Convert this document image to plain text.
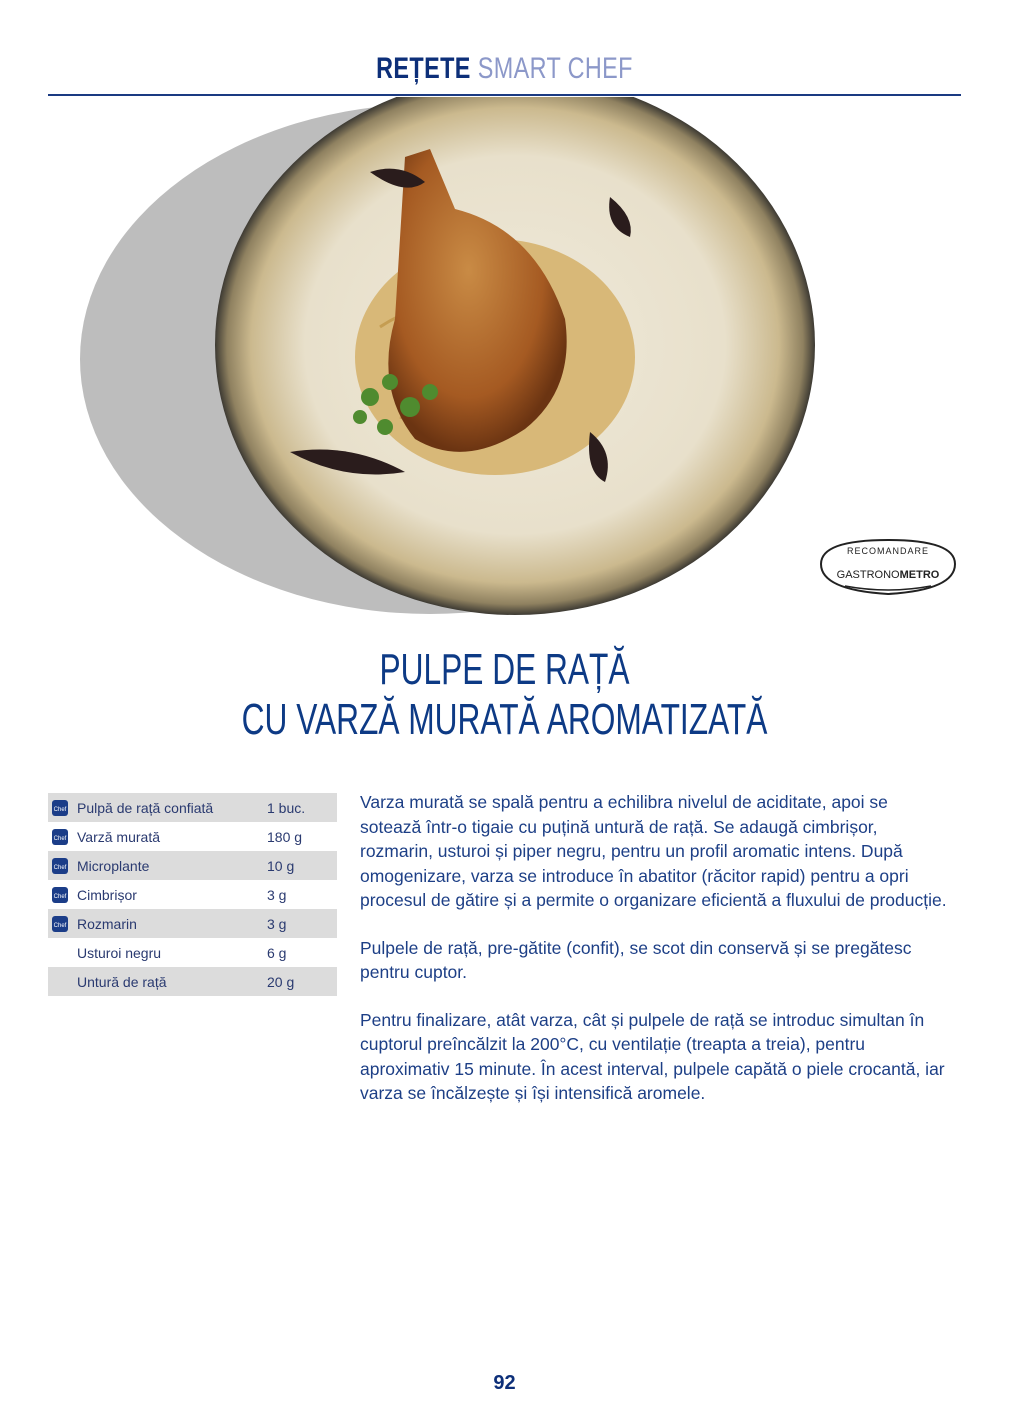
REȚETE SMART CHEF
RECOMANDARE
GASTRONOMETRO
PULPE DE RAȚĂ
CU VARZĂ MURATĂ AROMATIZATĂ
Chef Pulpă de rață confiată	1 buc.
Chef Varză murată	180 g
Chef Microplante	10 g
Chef Cimbrișor	3 g
Chef Rozmarin	3 g
Usturoi negru	6 g
Untură de rață	20 g

Varza murată se spală pentru a echilibra nivelul de aciditate, apoi se sotează într-o tigaie cu puțină untură de rață. Se adaugă cimbrișor, rozmarin, usturoi și piper negru, pentru un profil aromatic intens. După omogenizare, varza se introduce în abatitor (răcitor rapid) pentru a opri procesul de gătire și a permite o organizare eficientă a fluxului de producție.

Pulpele de rață, pre-gătite (confit), se scot din conservă și se pregătesc pentru cuptor.

Pentru finalizare, atât varza, cât și pulpele de rață se introduc simultan în cuptorul preîncălzit la 200°C, cu ventilație (treapta a treia), pentru aproximativ 15 minute. În acest interval, pulpele capătă o piele crocantă, iar varza se încălzește și își intensifică aromele.

92
